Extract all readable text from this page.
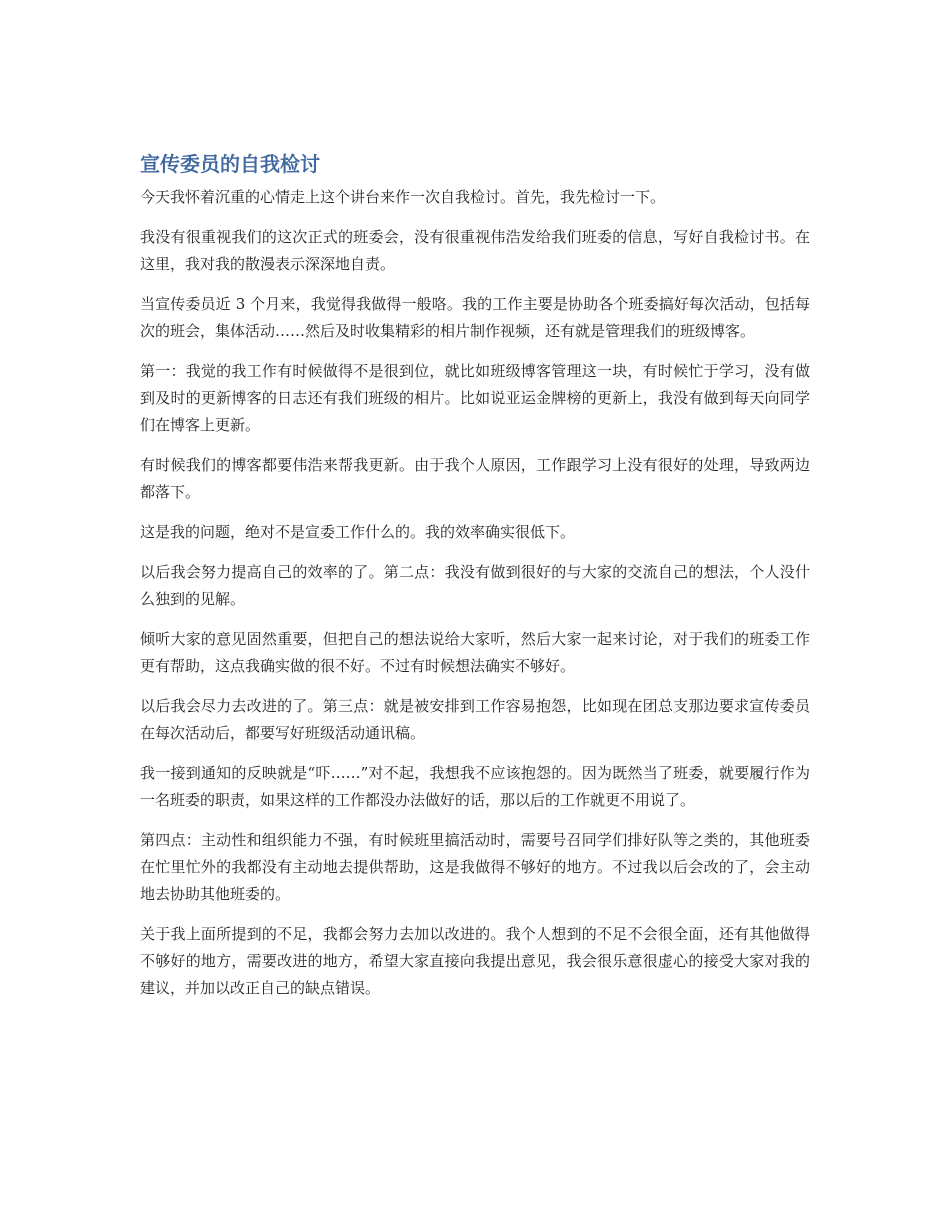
宣传委员的自我检讨

今天我怀着沉重的心情走上这个讲台来作一次自我检讨。首先，我先检讨一下。

我没有很重视我们的这次正式的班委会，没有很重视伟浩发给我们班委的信息，写好自我检讨书。在这里，我对我的散漫表示深深地自责。

当宣传委员近 3 个月来，我觉得我做得一般咯。我的工作主要是协助各个班委搞好每次活动，包括每次的班会，集体活动……然后及时收集精彩的相片制作视频，还有就是管理我们的班级博客。

第一：我觉的我工作有时候做得不是很到位，就比如班级博客管理这一块，有时候忙于学习，没有做到及时的更新博客的日志还有我们班级的相片。比如说亚运金牌榜的更新上，我没有做到每天向同学们在博客上更新。

有时候我们的博客都要伟浩来帮我更新。由于我个人原因，工作跟学习上没有很好的处理，导致两边都落下。

这是我的问题，绝对不是宣委工作什么的。我的效率确实很低下。

以后我会努力提高自己的效率的了。第二点：我没有做到很好的与大家的交流自己的想法，个人没什么独到的见解。

倾听大家的意见固然重要，但把自己的想法说给大家听，然后大家一起来讨论，对于我们的班委工作更有帮助，这点我确实做的很不好。不过有时候想法确实不够好。

以后我会尽力去改进的了。第三点：就是被安排到工作容易抱怨，比如现在团总支那边要求宣传委员在每次活动后，都要写好班级活动通讯稿。

我一接到通知的反映就是“吓……”对不起，我想我不应该抱怨的。因为既然当了班委，就要履行作为一名班委的职责，如果这样的工作都没办法做好的话，那以后的工作就更不用说了。

第四点：主动性和组织能力不强，有时候班里搞活动时，需要号召同学们排好队等之类的，其他班委在忙里忙外的我都没有主动地去提供帮助，这是我做得不够好的地方。不过我以后会改的了，会主动地去协助其他班委的。

关于我上面所提到的不足，我都会努力去加以改进的。我个人想到的不足不会很全面，还有其他做得不够好的地方，需要改进的地方，希望大家直接向我提出意见，我会很乐意很虚心的接受大家对我的建议，并加以改正自己的缺点错误。
